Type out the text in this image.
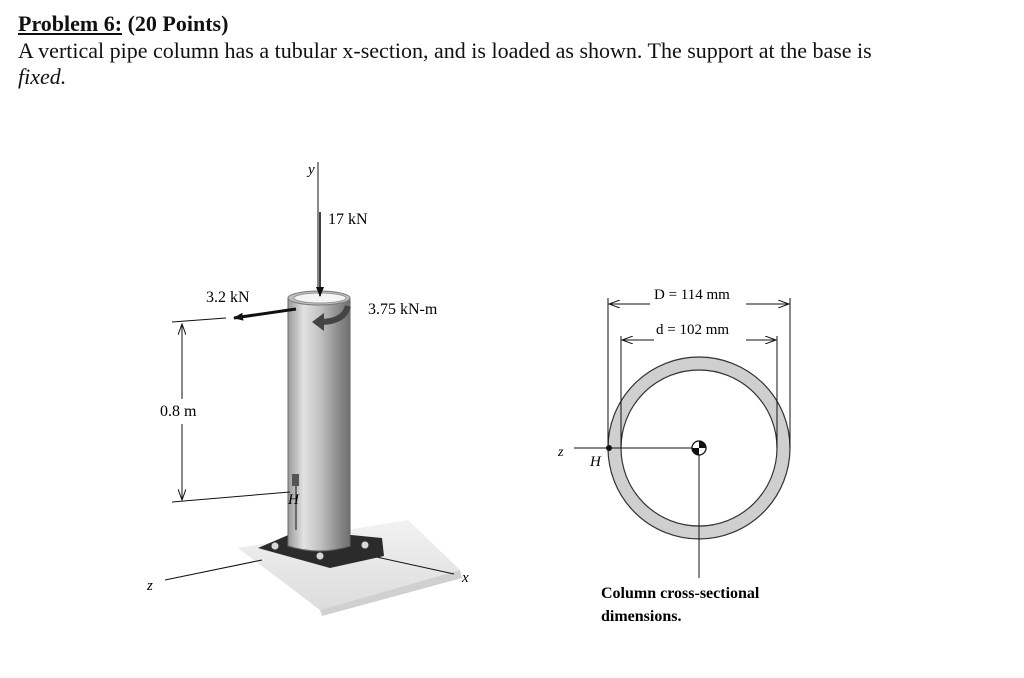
Problem 6: (20 Points)
A vertical pipe column has a tubular x-section, and is loaded as shown. The support at the base is
fixed.
y
z	x
H
17 kN
3.2 kN
3.75 kN-m
0.8 m
D = 114 mm
d = 102 mm
z
H
Column cross-sectional
dimensions.
